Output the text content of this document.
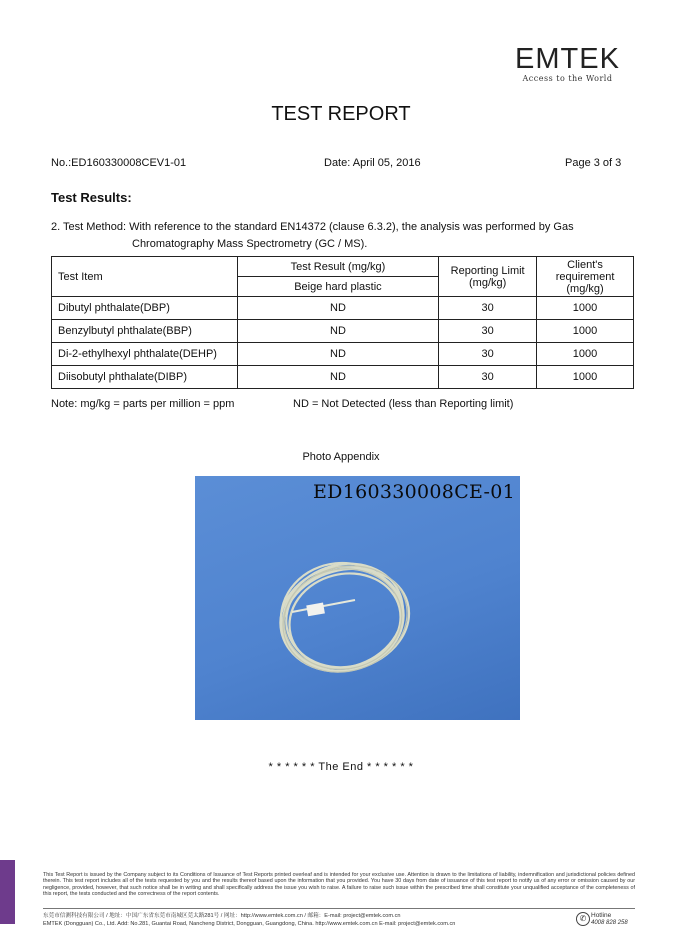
EMTEK
Access to the World
TEST REPORT
No.:ED160330008CEV1-01	Date: April 05, 2016	Page 3 of 3
Test Results:
2. Test Method: With reference to the standard EN14372 (clause 6.3.2), the analysis was performed by Gas
Chromatography Mass Spectrometry (GC / MS).
Test Item	Test Result (mg/kg)	Reporting Limit (mg/kg)	Client's requirement (mg/kg)
	Beige hard plastic		
Dibutyl phthalate(DBP)	ND	30	1000
Benzylbutyl phthalate(BBP)	ND	30	1000
Di-2-ethylhexyl phthalate(DEHP)	ND	30	1000
Diisobutyl phthalate(DIBP)	ND	30	1000
Note: mg/kg = parts per million = ppm	ND = Not Detected (less than Reporting limit)
Photo Appendix
ED160330008CE-01
* * * * * * The End * * * * * *
This Test Report is issued by the Company subject to its Conditions of Issuance of Test Reports printed overleaf and is intended for your exclusive use. Attention is drawn to the limitations of liability, indemnification and jurisdictional policies defined therein. This test report includes all of the tests requested by you and the results thereof based upon the information that you provided. You have 30 days from date of issuance of this test report to notify us of any error or omission caused by our negligence, provided, however, that such notice shall be in writing and shall specifically address the issue you wish to raise. A failure to raise such issue within the prescribed time shall constitute your unqualified acceptance of the completeness of this report, the tests conducted and the correctness of the report contents.
东莞市信测科技有限公司 / 地址：中国广东省东莞市南城区莞太路281号 / 网址：http://www.emtek.com.cn / 邮箱：E-mail: project@emtek.com.cn
EMTEK (Dongguan) Co., Ltd. Add: No.281, Guantai Road, Nancheng District, Dongguan, Guangdong, China. http://www.emtek.com.cn E-mail: project@emtek.com.cn
✆ Hotline
4008 828 258
